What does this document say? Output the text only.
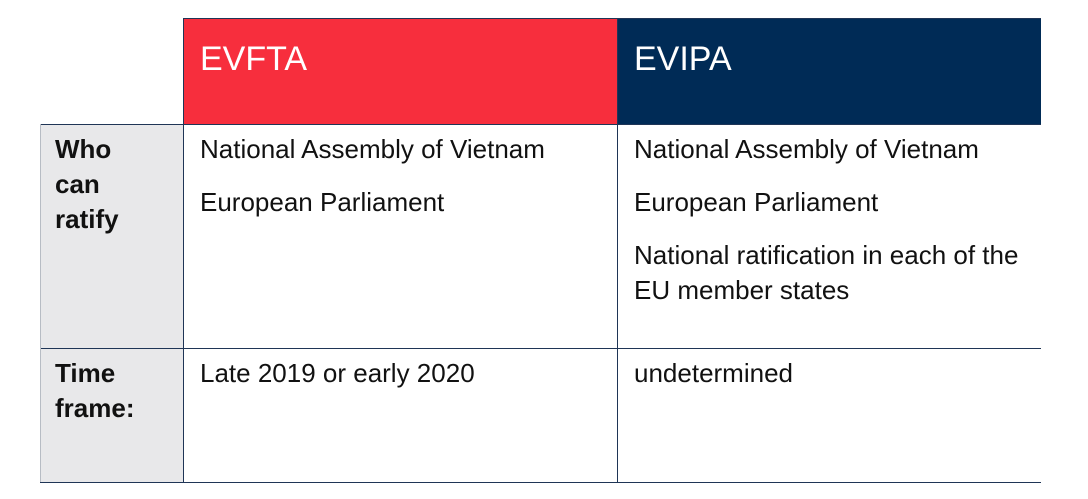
EVFTA	EVIPA
Who can ratify

National Assembly of Vietnam

European Parliament

National Assembly of Vietnam

European Parliament

National ratification in each of the EU member states

Time frame:

Late 2019 or early 2020	undetermined
